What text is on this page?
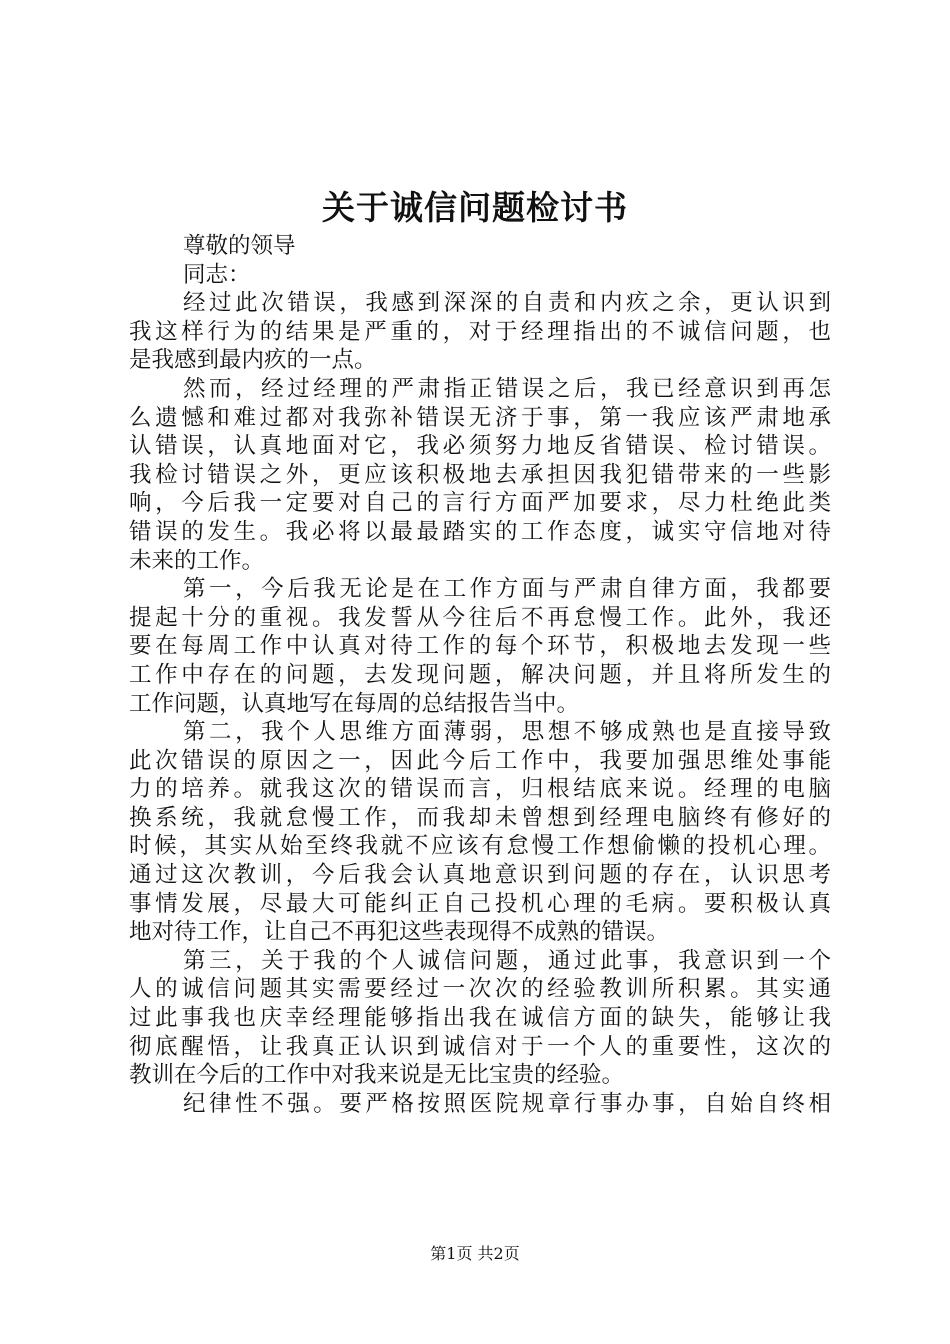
关于诚信问题检讨书
尊敬的领导
同志：
经过此次错误，我感到深深的自责和内疚之余，更认识到
我这样行为的结果是严重的，对于经理指出的不诚信问题，也
是我感到最内疚的一点。
然而，经过经理的严肃指正错误之后，我已经意识到再怎
么遗憾和难过都对我弥补错误无济于事，第一我应该严肃地承
认错误，认真地面对它，我必须努力地反省错误、检讨错误。
我检讨错误之外，更应该积极地去承担因我犯错带来的一些影
响，今后我一定要对自己的言行方面严加要求，尽力杜绝此类
错误的发生。我必将以最最踏实的工作态度，诚实守信地对待
未来的工作。
第一，今后我无论是在工作方面与严肃自律方面，我都要
提起十分的重视。我发誓从今往后不再怠慢工作。此外，我还
要在每周工作中认真对待工作的每个环节，积极地去发现一些
工作中存在的问题，去发现问题，解决问题，并且将所发生的
工作问题，认真地写在每周的总结报告当中。
第二，我个人思维方面薄弱，思想不够成熟也是直接导致
此次错误的原因之一，因此今后工作中，我要加强思维处事能
力的培养。就我这次的错误而言，归根结底来说。经理的电脑
换系统，我就怠慢工作，而我却未曾想到经理电脑终有修好的
时候，其实从始至终我就不应该有怠慢工作想偷懒的投机心理。
通过这次教训，今后我会认真地意识到问题的存在，认识思考
事情发展，尽最大可能纠正自己投机心理的毛病。要积极认真
地对待工作，让自己不再犯这些表现得不成熟的错误。
第三，关于我的个人诚信问题，通过此事，我意识到一个
人的诚信问题其实需要经过一次次的经验教训所积累。其实通
过此事我也庆幸经理能够指出我在诚信方面的缺失，能够让我
彻底醒悟，让我真正认识到诚信对于一个人的重要性，这次的
教训在今后的工作中对我来说是无比宝贵的经验。
纪律性不强。要严格按照医院规章行事办事，自始自终相
第1页 共2页
